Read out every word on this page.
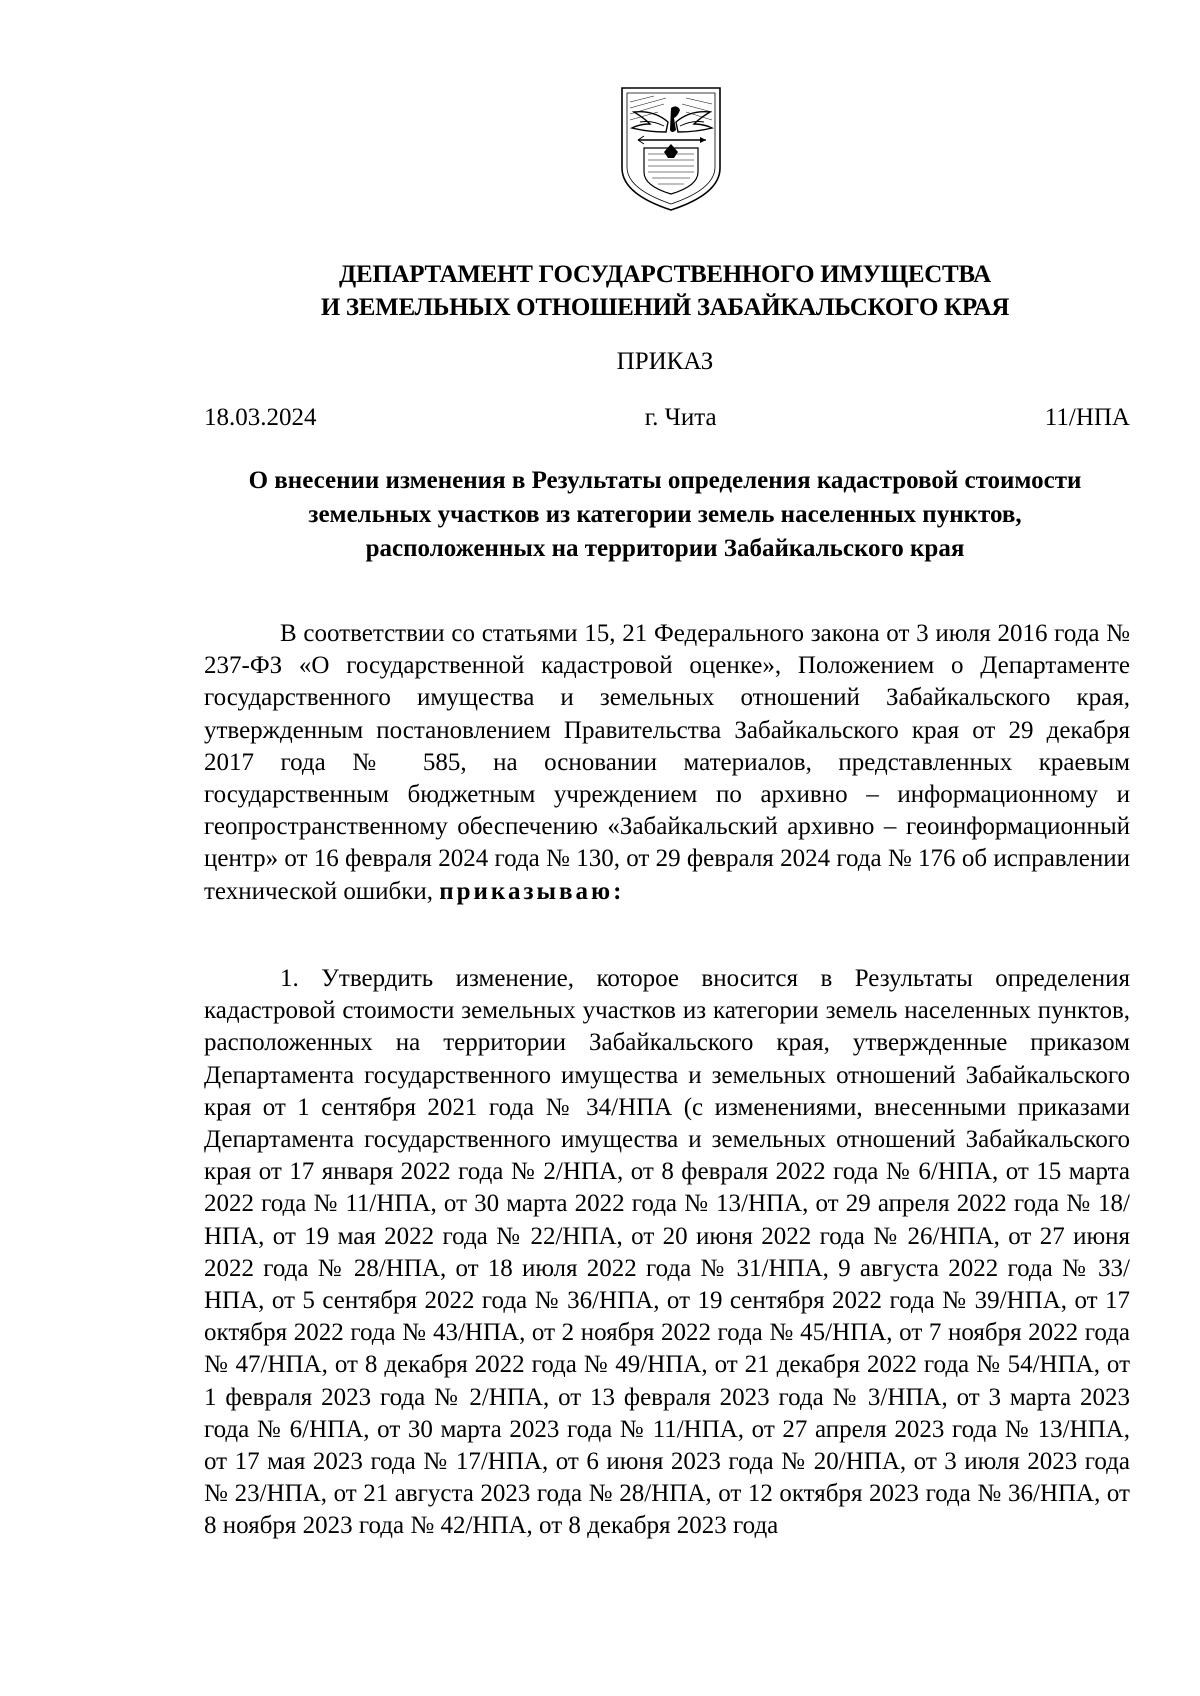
ДЕПАРТАМЕНТ ГОСУДАРСТВЕННОГО ИМУЩЕСТВА
И ЗЕМЕЛЬНЫХ ОТНОШЕНИЙ ЗАБАЙКАЛЬСКОГО КРАЯ
ПРИКАЗ
18.03.2024	г. Чита	11/НПА
О внесении изменения в Результаты определения кадастровой стоимости
земельных участков из категории земель населенных пунктов,
расположенных на территории Забайкальского края

В соответствии со статьями 15, 21 Федерального закона от 3 июля 2016 года № 237-ФЗ «О государственной кадастровой оценке», Положением о Департаменте государственного имущества и земельных отношений Забайкальского края, утвержденным постановлением Правительства Забайкальского края от 29 декабря 2017 года № 585, на основании материалов, представленных краевым государственным бюджетным учреждением по архивно – информационному и геопространственному обеспечению «Забайкальский архивно – геоинформационный центр» от 16 февраля 2024 года № 130, от 29 февраля 2024 года № 176 об исправлении технической ошибки, приказываю:

1. Утвердить изменение, которое вносится в Результаты определения кадастровой стоимости земельных участков из категории земель населенных пунктов, расположенных на территории Забайкальского края, утвержденные приказом Департамента государственного имущества и земельных отношений Забайкальского края от 1 сентября 2021 года № 34/НПА (с изменениями, внесенными приказами Департамента государственного имущества и земельных отношений Забайкальского края от 17 января 2022 года № 2/НПА, от 8 февраля 2022 года № 6/НПА, от 15 марта 2022 года № 11/НПА, от 30 марта 2022 года № 13/НПА, от 29 апреля 2022 года № 18/НПА, от 19 мая 2022 года № 22/НПА, от 20 июня 2022 года № 26/НПА, от 27 июня 2022 года № 28/НПА, от 18 июля 2022 года № 31/НПА, 9 августа 2022 года № 33/НПА, от 5 сентября 2022 года № 36/НПА, от 19 сентября 2022 года № 39/НПА, от 17 октября 2022 года № 43/НПА, от 2 ноября 2022 года № 45/НПА, от 7 ноября 2022 года № 47/НПА, от 8 декабря 2022 года № 49/НПА, от 21 декабря 2022 года № 54/НПА, от 1 февраля 2023 года № 2/НПА, от 13 февраля 2023 года № 3/НПА, от 3 марта 2023 года № 6/НПА, от 30 марта 2023 года № 11/НПА, от 27 апреля 2023 года № 13/НПА, от 17 мая 2023 года № 17/НПА, от 6 июня 2023 года № 20/НПА, от 3 июля 2023 года № 23/НПА, от 21 августа 2023 года № 28/НПА, от 12 октября 2023 года № 36/НПА, от 8 ноября 2023 года № 42/НПА, от 8 декабря 2023 года
